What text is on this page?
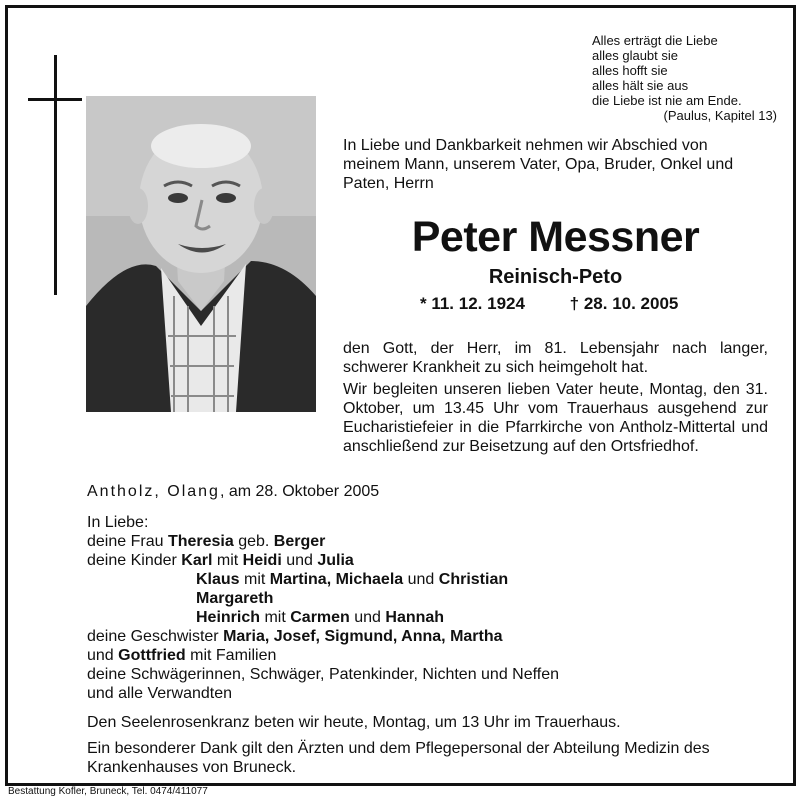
Alles erträgt die Liebe
alles glaubt sie
alles hofft sie
alles hält sie aus
die Liebe ist nie am Ende.
(Paulus, Kapitel 13)
In Liebe und Dankbarkeit nehmen wir Abschied von meinem Mann, unserem Vater, Opa, Bruder, Onkel und Paten, Herrn
Peter Messner
Reinisch-Peto
* 11. 12. 1924	† 28. 10. 2005
den Gott, der Herr, im 81. Lebensjahr nach langer, schwerer Krankheit zu sich heimgeholt hat.
Wir begleiten unseren lieben Vater heute, Montag, den 31. Oktober, um 13.45 Uhr vom Trauerhaus ausgehend zur Eucharistiefeier in die Pfarrkirche von Antholz-Mittertal und anschließend zur Beisetzung auf den Ortsfriedhof.
Antholz, Olang, am 28. Oktober 2005
In Liebe:
deine Frau Theresia geb. Berger
deine Kinder Karl mit Heidi und Julia
Klaus mit Martina, Michaela und Christian
Margareth
Heinrich mit Carmen und Hannah
deine Geschwister Maria, Josef, Sigmund, Anna, Martha
und Gottfried mit Familien
deine Schwägerinnen, Schwäger, Patenkinder, Nichten und Neffen
und alle Verwandten
Den Seelenrosenkranz beten wir heute, Montag, um 13 Uhr im Trauerhaus.
Ein besonderer Dank gilt den Ärzten und dem Pflegepersonal der Abteilung Medizin des Krankenhauses von Bruneck.
Bestattung Kofler, Bruneck, Tel. 0474/411077
